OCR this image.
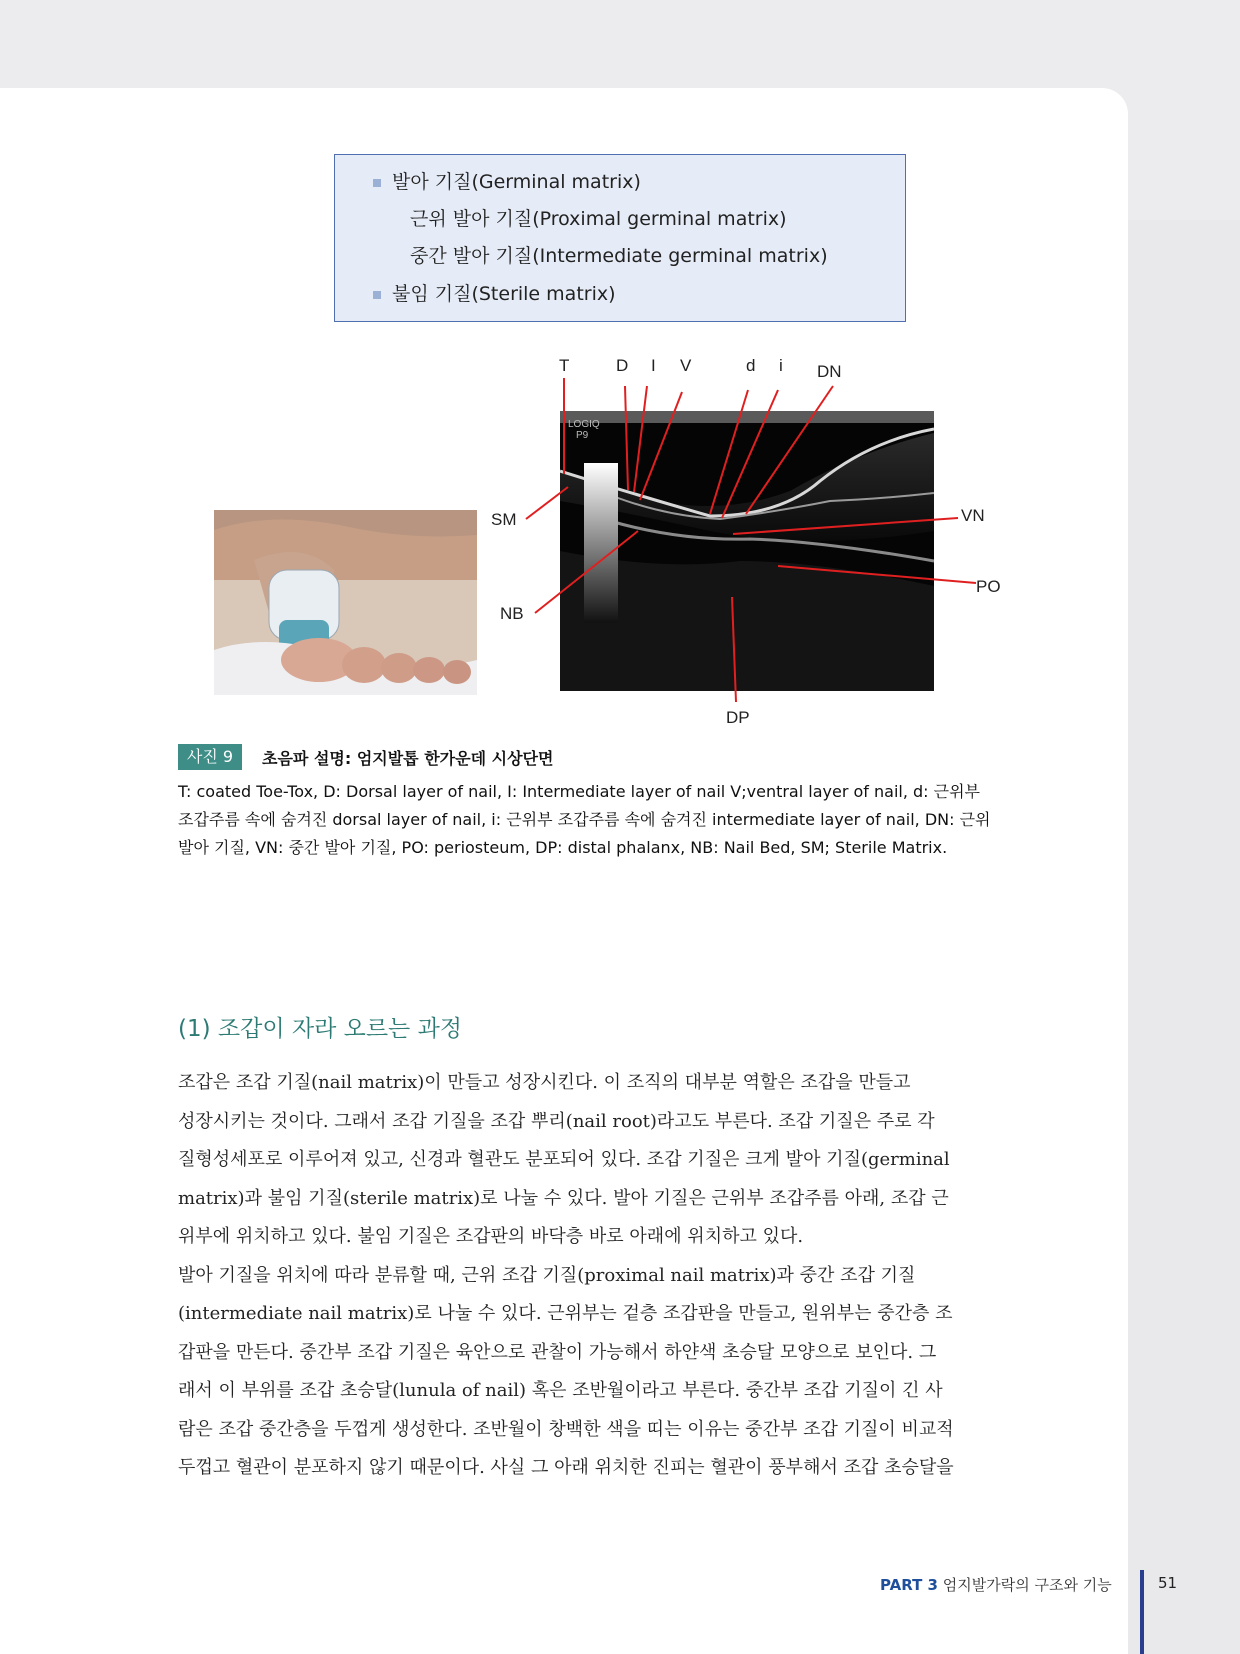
발아 기질(Germinal matrix)
근위 발아 기질(Proximal germinal matrix)
중간 발아 기질(Intermediate germinal matrix)
불임 기질(Sterile matrix)
LOGIQ
P9
T	D I V	d i DN
SM	VN
PO
NB
DP
사진 9	초음파 설명: 엄지발톱 한가운데 시상단면
T: coated Toe-Tox, D: Dorsal layer of nail, I: Intermediate layer of nail V;ventral layer of nail, d: 근위부
조갑주름 속에 숨겨진 dorsal layer of nail, i: 근위부 조갑주름 속에 숨겨진 intermediate layer of nail, DN: 근위
발아 기질, VN: 중간 발아 기질, PO: periosteum, DP: distal phalanx, NB: Nail Bed, SM; Sterile Matrix.
(1) 조갑이 자라 오르는 과정
조갑은 조갑 기질(nail matrix)이 만들고 성장시킨다. 이 조직의 대부분 역할은 조갑을 만들고
성장시키는 것이다. 그래서 조갑 기질을 조갑 뿌리(nail root)라고도 부른다. 조갑 기질은 주로 각
질형성세포로 이루어져 있고, 신경과 혈관도 분포되어 있다. 조갑 기질은 크게 발아 기질(germinal
matrix)과 불임 기질(sterile matrix)로 나눌 수 있다. 발아 기질은 근위부 조갑주름 아래, 조갑 근
위부에 위치하고 있다. 불임 기질은 조갑판의 바닥층 바로 아래에 위치하고 있다.
발아 기질을 위치에 따라 분류할 때, 근위 조갑 기질(proximal nail matrix)과 중간 조갑 기질
(intermediate nail matrix)로 나눌 수 있다. 근위부는 겉층 조갑판을 만들고, 원위부는 중간층 조
갑판을 만든다. 중간부 조갑 기질은 육안으로 관찰이 가능해서 하얀색 초승달 모양으로 보인다. 그
래서 이 부위를 조갑 초승달(lunula of nail) 혹은 조반월이라고 부른다. 중간부 조갑 기질이 긴 사
람은 조갑 중간층을 두껍게 생성한다. 조반월이 창백한 색을 띠는 이유는 중간부 조갑 기질이 비교적
두껍고 혈관이 분포하지 않기 때문이다. 사실 그 아래 위치한 진피는 혈관이 풍부해서 조갑 초승달을
PART 3 엄지발가락의 구조와 기능	51
